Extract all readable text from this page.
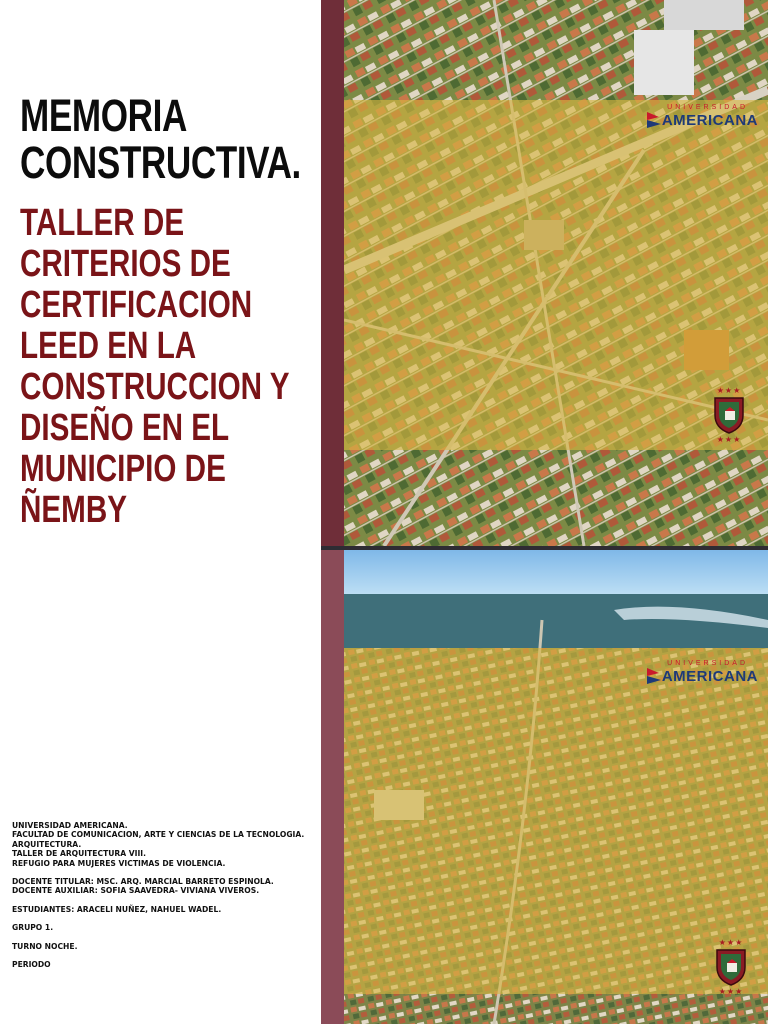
MEMORIA
CONSTRUCTIVA.
TALLER DE
CRITERIOS DE
CERTIFICACION
LEED EN LA
CONSTRUCCION Y
DISEÑO EN EL
MUNICIPIO DE
ÑEMBY

UNIVERSIDAD AMERICANA.

FACULTAD DE COMUNICACION, ARTE Y CIENCIAS DE LA TECNOLOGIA.

ARQUITECTURA.

TALLER DE ARQUITECTURA VIII.

REFUGIO PARA MUJERES VICTIMAS DE VIOLENCIA.

DOCENTE TITULAR: MSC. ARQ. MARCIAL BARRETO ESPINOLA.

DOCENTE AUXILIAR: SOFIA SAAVEDRA- VIVIANA VIVEROS.

ESTUDIANTES: ARACELI NUÑEZ, NAHUEL WADEL.

GRUPO 1.

TURNO NOCHE.

PERIODO

UNIVERSIDAD
AMERICANA
★★★
★★★
UNIVERSIDAD
AMERICANA
★★★
★★★
